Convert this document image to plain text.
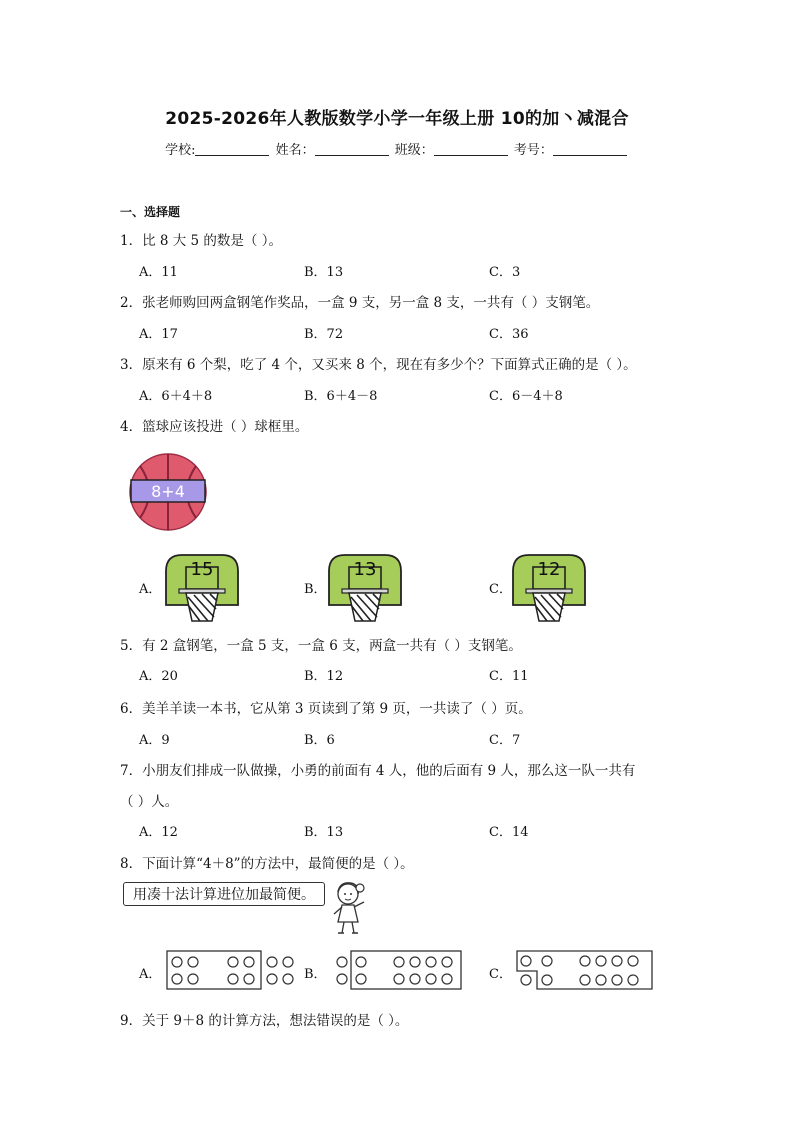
2025-2026年人教版数学小学一年级上册 10的加丶减混合
学校:	姓名：	班级：	考号：
一、选择题
1．比 8 大 5 的数是（ ）。
A．11	B．13	C．3
2．张老师购回两盒钢笔作奖品，一盒 9 支，另一盒 8 支，一共有（ ）支钢笔。
A．17	B．72	C．36
3．原来有 6 个梨，吃了 4 个，又买来 8 个，现在有多少个？下面算式正确的是（ ）。
A．6＋4＋8	B．6＋4－8	C．6－4＋8
4．篮球应该投进（ ）球框里。
8+4
A．
15
B．
13
C．
12
5．有 2 盒钢笔，一盒 5 支，一盒 6 支，两盒一共有（ ）支钢笔。
A．20	B．12	C．11
6．美羊羊读一本书，它从第 3 页读到了第 9 页，一共读了（ ）页。
A．9	B．6	C．7
7．小朋友们排成一队做操，小勇的前面有 4 人，他的后面有 9 人，那么这一队一共有
（ ）人。
A．12	B．13	C．14
8．下面计算“4＋8”的方法中，最简便的是（ ）。
用凑十法计算进位加最简便。
A．	B．	C．
9．关于 9＋8 的计算方法，想法错误的是（ ）。
